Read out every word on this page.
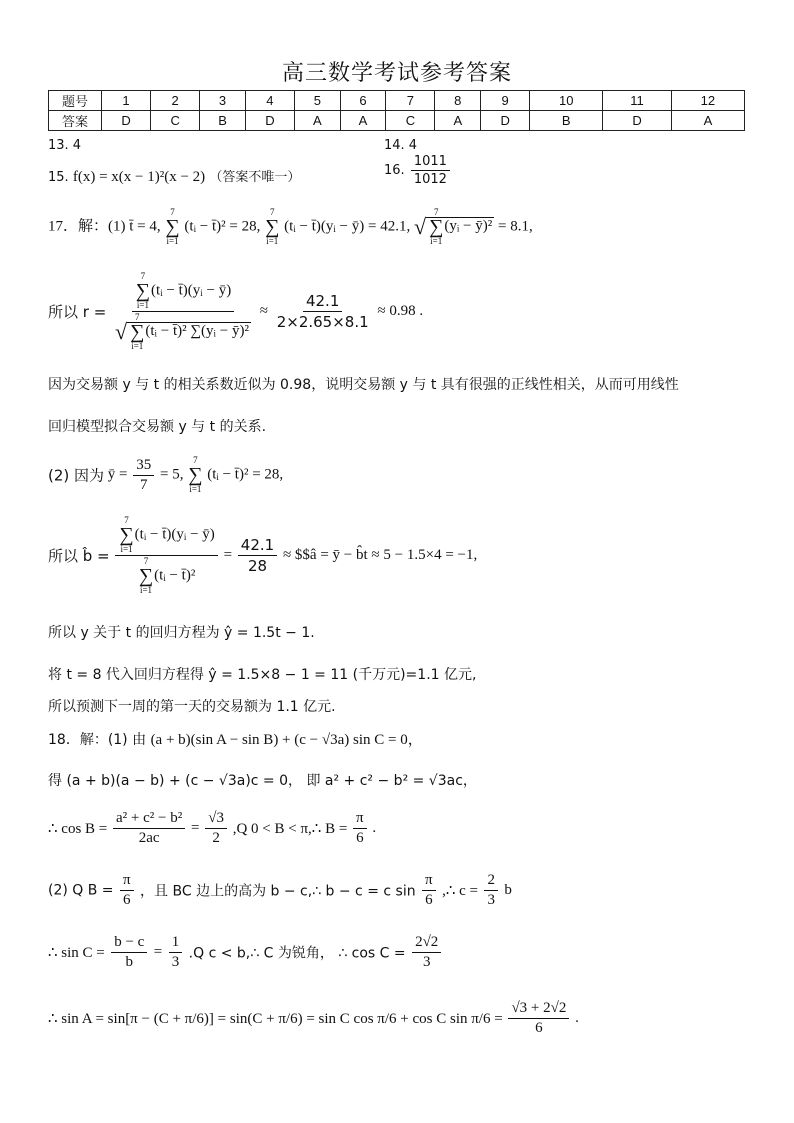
高三数学考试参考答案
题号	1	2	3	4	5	6	7	8	9	10	11	12
答案	D	C	B	D	A	A	C	A	D	B	D	A
13. 4	14. 4
15. f(x) = x(x − 1)²(x − 2) （答案不唯一）	16. $\frac{1011}{1012}$
17．解：(1) t̄ = 4,
7
∑
i=1
(tᵢ − t̄)² = 28,
7
∑
i=1
(tᵢ − t̄)(yᵢ − ȳ) = 42.1, √
7
∑
i=1
(yᵢ − ȳ)² = 8.1,
所以 r = 7
∑
i=1
(tᵢ − t̄)(yᵢ − ȳ)
√
7
∑
i=1
(tᵢ − t̄)² ∑(yᵢ − ȳ)² ≈ $\frac{42.1}{2\times 2.65\times 8.1} \approx 0.98$ .
因为交易额 y 与 t 的相关系数近似为 0.98，说明交易额 y 与 t 具有很强的正线性相关，从而可用线性
回归模型拟合交易额 y 与 t 的关系.
(2) 因为 ȳ = $\frac{35}{7} = 5$,
7
∑
i=1
(tᵢ − t̄)² = 28,
所以 b̂ = 7
∑
i=1
(tᵢ − t̄)(yᵢ − ȳ)
7
∑
i=1
(tᵢ − t̄)² = $\frac{42.1}{28}$ ≈ $$â = ȳ − b̂t ≈ 5 − 1.5×4 = −1,
所以 y 关于 t 的回归方程为 ŷ = 1.5t − 1.
将 t = 8 代入回归方程得 ŷ = 1.5×8 − 1 = 11 (千万元)=1.1 亿元,
所以预测下一周的第一天的交易额为 1.1 亿元.
18．解：(1) 由 (a + b)(sin A − sin B) + (c − √3a) sin C = 0，
得 (a + b)(a − b) + (c − √3a)c = 0， 即 a² + c² − b² = √3ac，
∴ $\cos B = \frac{\text{a² + c² − b²}}{2ac} = \frac{√3}{2} ,Q$ 0 < B < π,∴ $B = \frac{\pi}{6}$ .
(2) Q $B = \frac{\pi}{6}$ ，且 BC 边上的高为 b − c,∴ b − c = c $\sin \frac{\pi}{6}$ ,∴ $c = \frac{2}{3}$ b
∴ $\sin C = \frac{b - c}{b} = \frac{1}{3} .Q$ c < b,∴ C 为锐角， ∴ $\cos C = \frac{2√2}{3}$
∴ sin A = sin[π − (C + π/6)] = sin(C + π/6) = sin C cos π/6 + cos C $\sin \pi/6 = \frac{√3 + 2√2}{6}$ .
